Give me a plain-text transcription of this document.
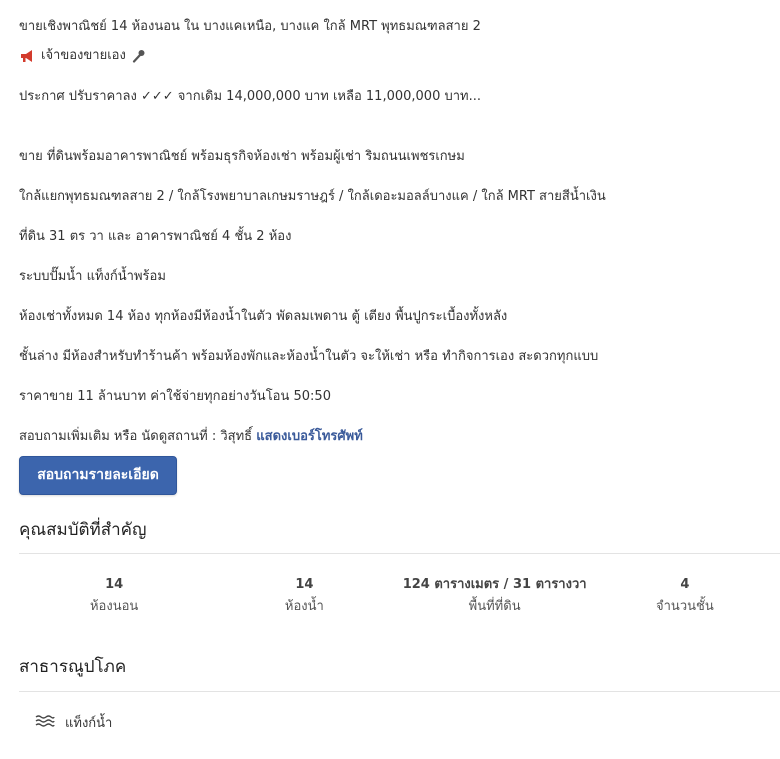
ขายเชิงพาณิชย์ 14 ห้องนอน ใน บางแคเหนือ, บางแค ใกล้ MRT พุทธมณฑลสาย 2
เจ้าของขายเอง
ประกาศ ปรับราคาลง ✓✓✓ จากเดิม 14,000,000 บาท เหลือ 11,000,000 บาท...
ขาย ที่ดินพร้อมอาคารพาณิชย์ พร้อมธุรกิจห้องเช่า พร้อมผู้เช่า ริมถนนเพชรเกษม
ใกล้แยกพุทธมณฑลสาย 2 / ใกล้โรงพยาบาลเกษมราษฎร์ / ใกล้เดอะมอลล์บางแค / ใกล้ MRT สายสีน้ำเงิน
ที่ดิน 31 ตร วา และ อาคารพาณิชย์ 4 ชั้น 2 ห้อง
ระบบปั๊มน้ำ แท็งก์น้ำพร้อม
ห้องเช่าทั้งหมด 14 ห้อง ทุกห้องมีห้องน้ำในตัว พัดลมเพดาน ตู้ เตียง พื้นปูกระเบื้องทั้งหลัง
ชั้นล่าง มีห้องสำหรับทำร้านค้า พร้อมห้องพักและห้องน้ำในตัว จะให้เช่า หรือ ทำกิจการเอง สะดวกทุกแบบ
ราคาขาย 11 ล้านบาท ค่าใช้จ่ายทุกอย่างวันโอน 50:50
สอบถามเพิ่มเติม หรือ นัดดูสถานที่ : วิสุทธิ์ แสดงเบอร์โทรศัพท์
สอบถามรายละเอียด
คุณสมบัติที่สำคัญ
14
ห้องนอน
14
ห้องน้ำ
124 ตารางเมตร / 31 ตารางวา
พื้นที่ที่ดิน
4
จำนวนชั้น
สาธารณูปโภค
แท็งก์น้ำ
